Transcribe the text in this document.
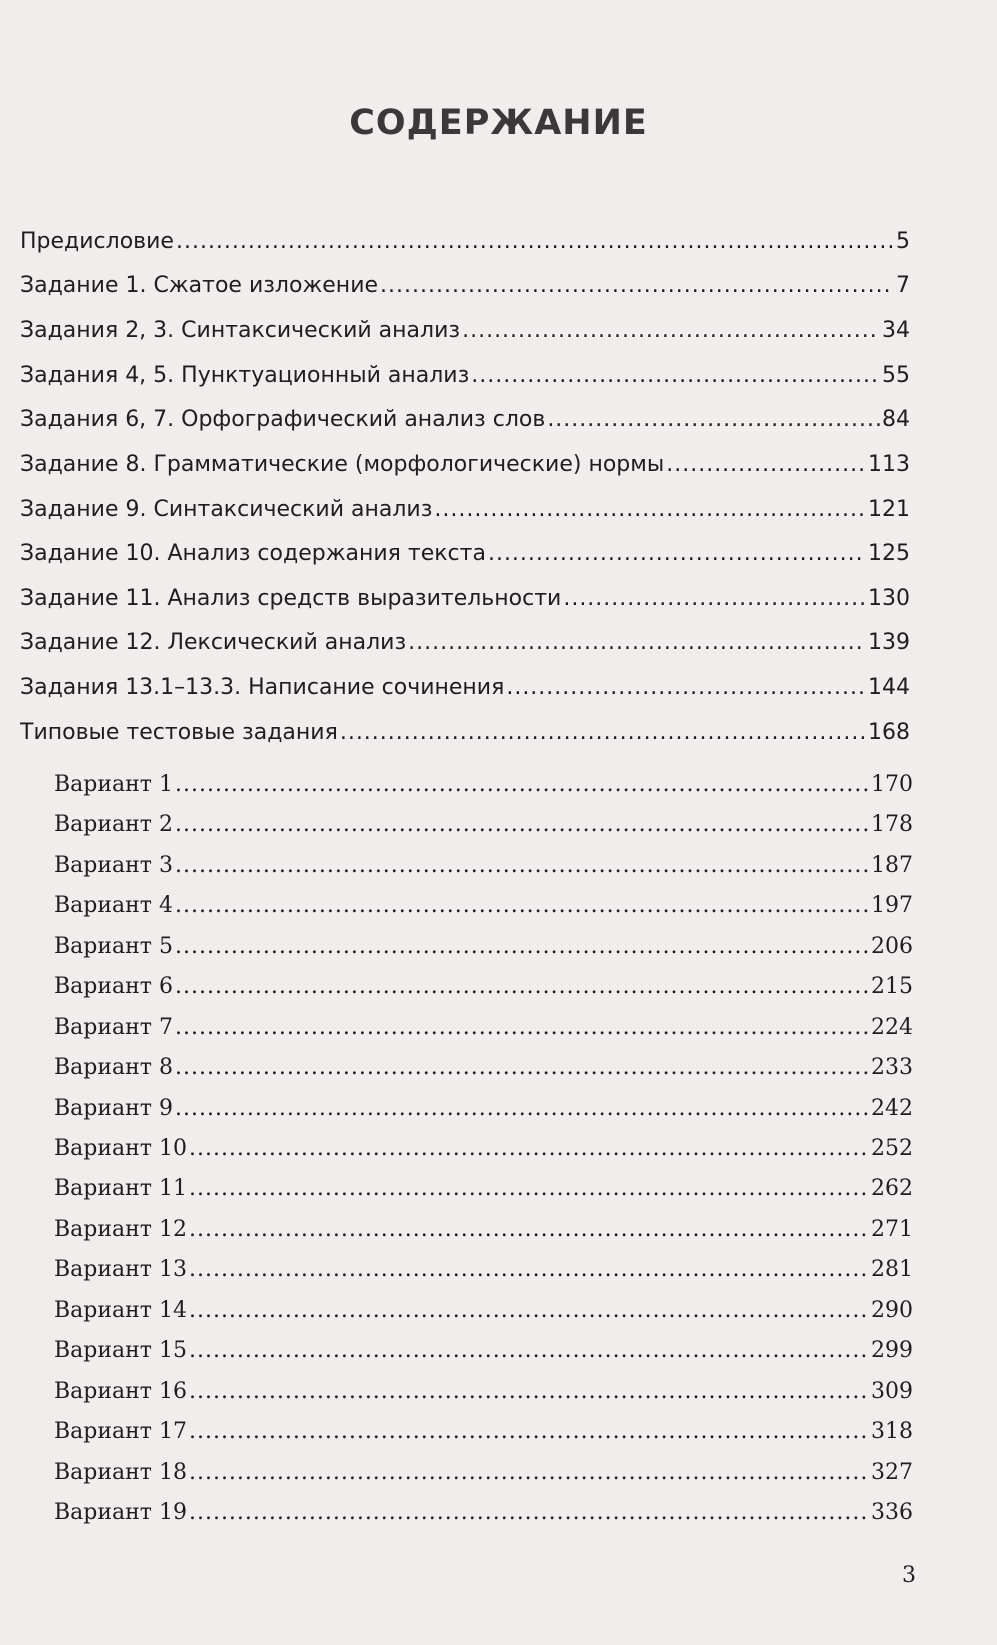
СОДЕРЖАНИЕ
Предисловие .....	5
Задание 1. Сжатое изложение .....	7
Задания 2, 3. Синтаксический анализ .....	34
Задания 4, 5. Пунктуационный анализ .....	55
Задания 6, 7. Орфографический анализ слов .....	84
Задание 8. Грамматические (морфологические) нормы .....	113
Задание 9. Синтаксический анализ .....	121
Задание 10. Анализ содержания текста .....	125
Задание 11. Анализ средств выразительности .....	130
Задание 12. Лексический анализ .....	139
Задания 13.1–13.3. Написание сочинения .....	144
Типовые тестовые задания .....	168
Вариант 1 .....	170
Вариант 2 .....	178
Вариант 3 .....	187
Вариант 4 .....	197
Вариант 5 .....	206
Вариант 6 .....	215
Вариант 7 .....	224
Вариант 8 .....	233
Вариант 9 .....	242
Вариант 10 .....	252
Вариант 11 .....	262
Вариант 12 .....	271
Вариант 13 .....	281
Вариант 14 .....	290
Вариант 15 .....	299
Вариант 16 .....	309
Вариант 17 .....	318
Вариант 18 .....	327
Вариант 19 .....	336
3
